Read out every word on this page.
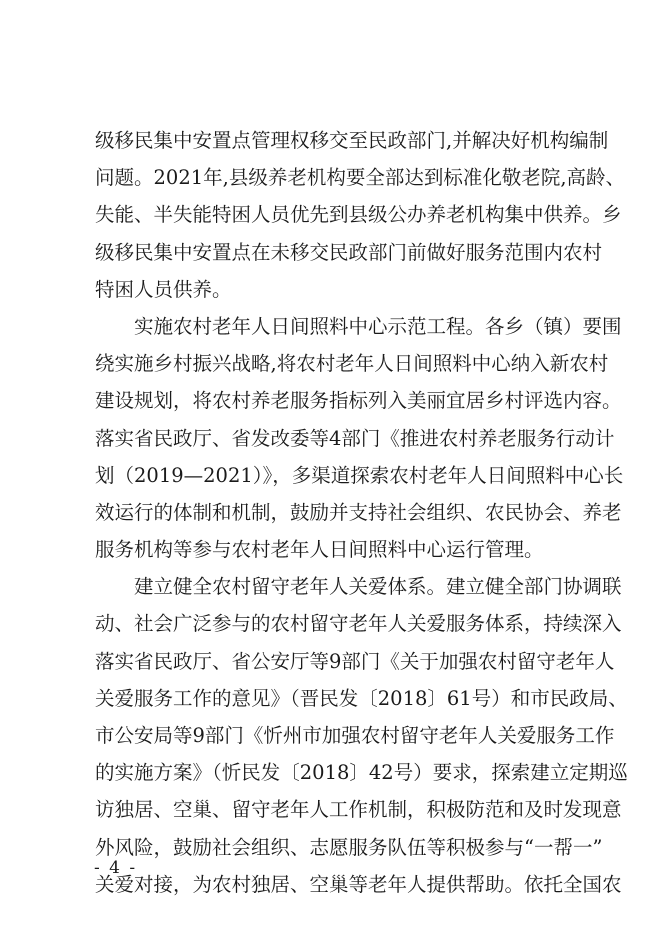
级移民集中安置点管理权移交至民政部门,并解决好机构编制
问题。2021年,县级养老机构要全部达到标准化敬老院,高龄、
失能、半失能特困人员优先到县级公办养老机构集中供养。乡
级移民集中安置点在未移交民政部门前做好服务范围内农村
特困人员供养。
　　实施农村老年人日间照料中心示范工程。各乡（镇）要围
绕实施乡村振兴战略,将农村老年人日间照料中心纳入新农村
建设规划，将农村养老服务指标列入美丽宜居乡村评选内容。
落实省民政厅、省发改委等4部门《推进农村养老服务行动计
划（2019—2021）》，多渠道探索农村老年人日间照料中心长
效运行的体制和机制，鼓励并支持社会组织、农民协会、养老
服务机构等参与农村老年人日间照料中心运行管理。
　　建立健全农村留守老年人关爱体系。建立健全部门协调联
动、社会广泛参与的农村留守老年人关爱服务体系，持续深入
落实省民政厅、省公安厅等9部门《关于加强农村留守老年人
关爱服务工作的意见》（晋民发〔2018〕61号）和市民政局、
市公安局等9部门《忻州市加强农村留守老年人关爱服务工作
的实施方案》（忻民发〔2018〕42号）要求，探索建立定期巡
访独居、空巢、留守老年人工作机制，积极防范和及时发现意
外风险，鼓励社会组织、志愿服务队伍等积极参与“一帮一”
关爱对接，为农村独居、空巢等老年人提供帮助。依托全国农
- 4 -
